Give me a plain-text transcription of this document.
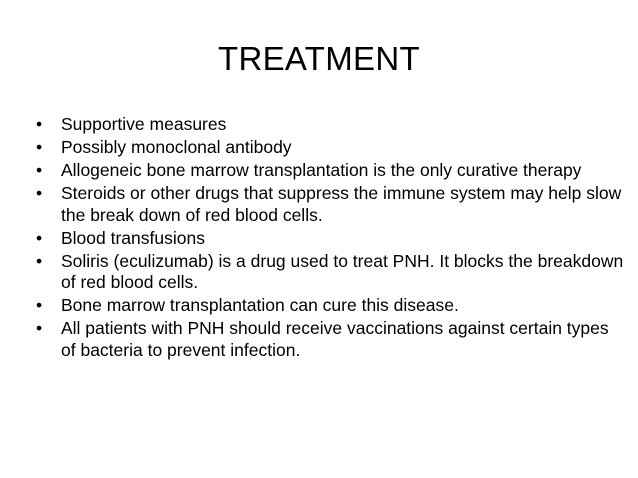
TREATMENT
•	Supportive measures
•	Possibly monoclonal antibody
•	Allogeneic bone marrow transplantation is the only curative therapy
•	Steroids or other drugs that suppress the immune system may help slow the break down of red blood cells.
•	Blood transfusions
•	Soliris (eculizumab) is a drug used to treat PNH. It blocks the breakdown of red blood cells.
•	Bone marrow transplantation can cure this disease.
•	All patients with PNH should receive vaccinations against certain types of bacteria to prevent infection.
